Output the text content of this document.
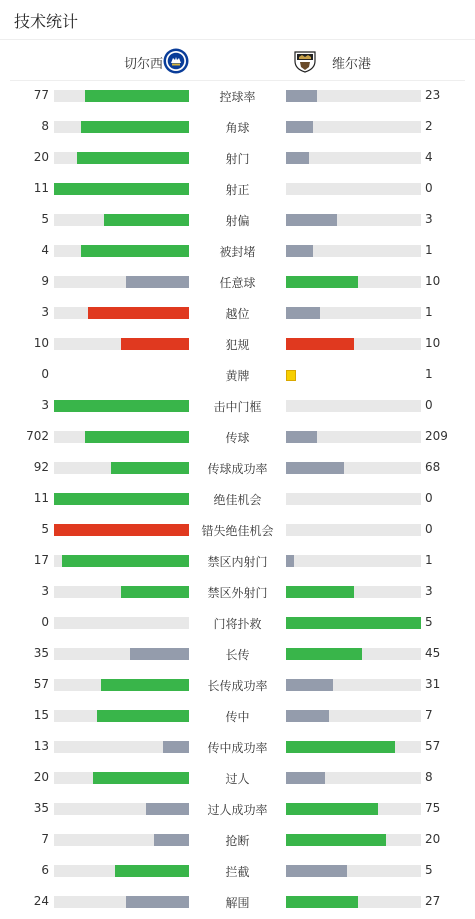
技术统计
切尔西	维尔港
77	控球率	23
8	角球	2
20	射门	4
11	射正	0
5	射偏	3
4	被封堵	1
9	任意球	10
3	越位	1
10	犯规	10
0	黄牌	1
3	击中门框	0
702	传球	209
92	传球成功率	68
11	绝佳机会	0
5	错失绝佳机会	0
17	禁区内射门	1
3	禁区外射门	3
0	门将扑救	5
35	长传	45
57	长传成功率	31
15	传中	7
13	传中成功率	57
20	过人	8
35	过人成功率	75
7	抢断	20
6	拦截	5
24	解围	27
